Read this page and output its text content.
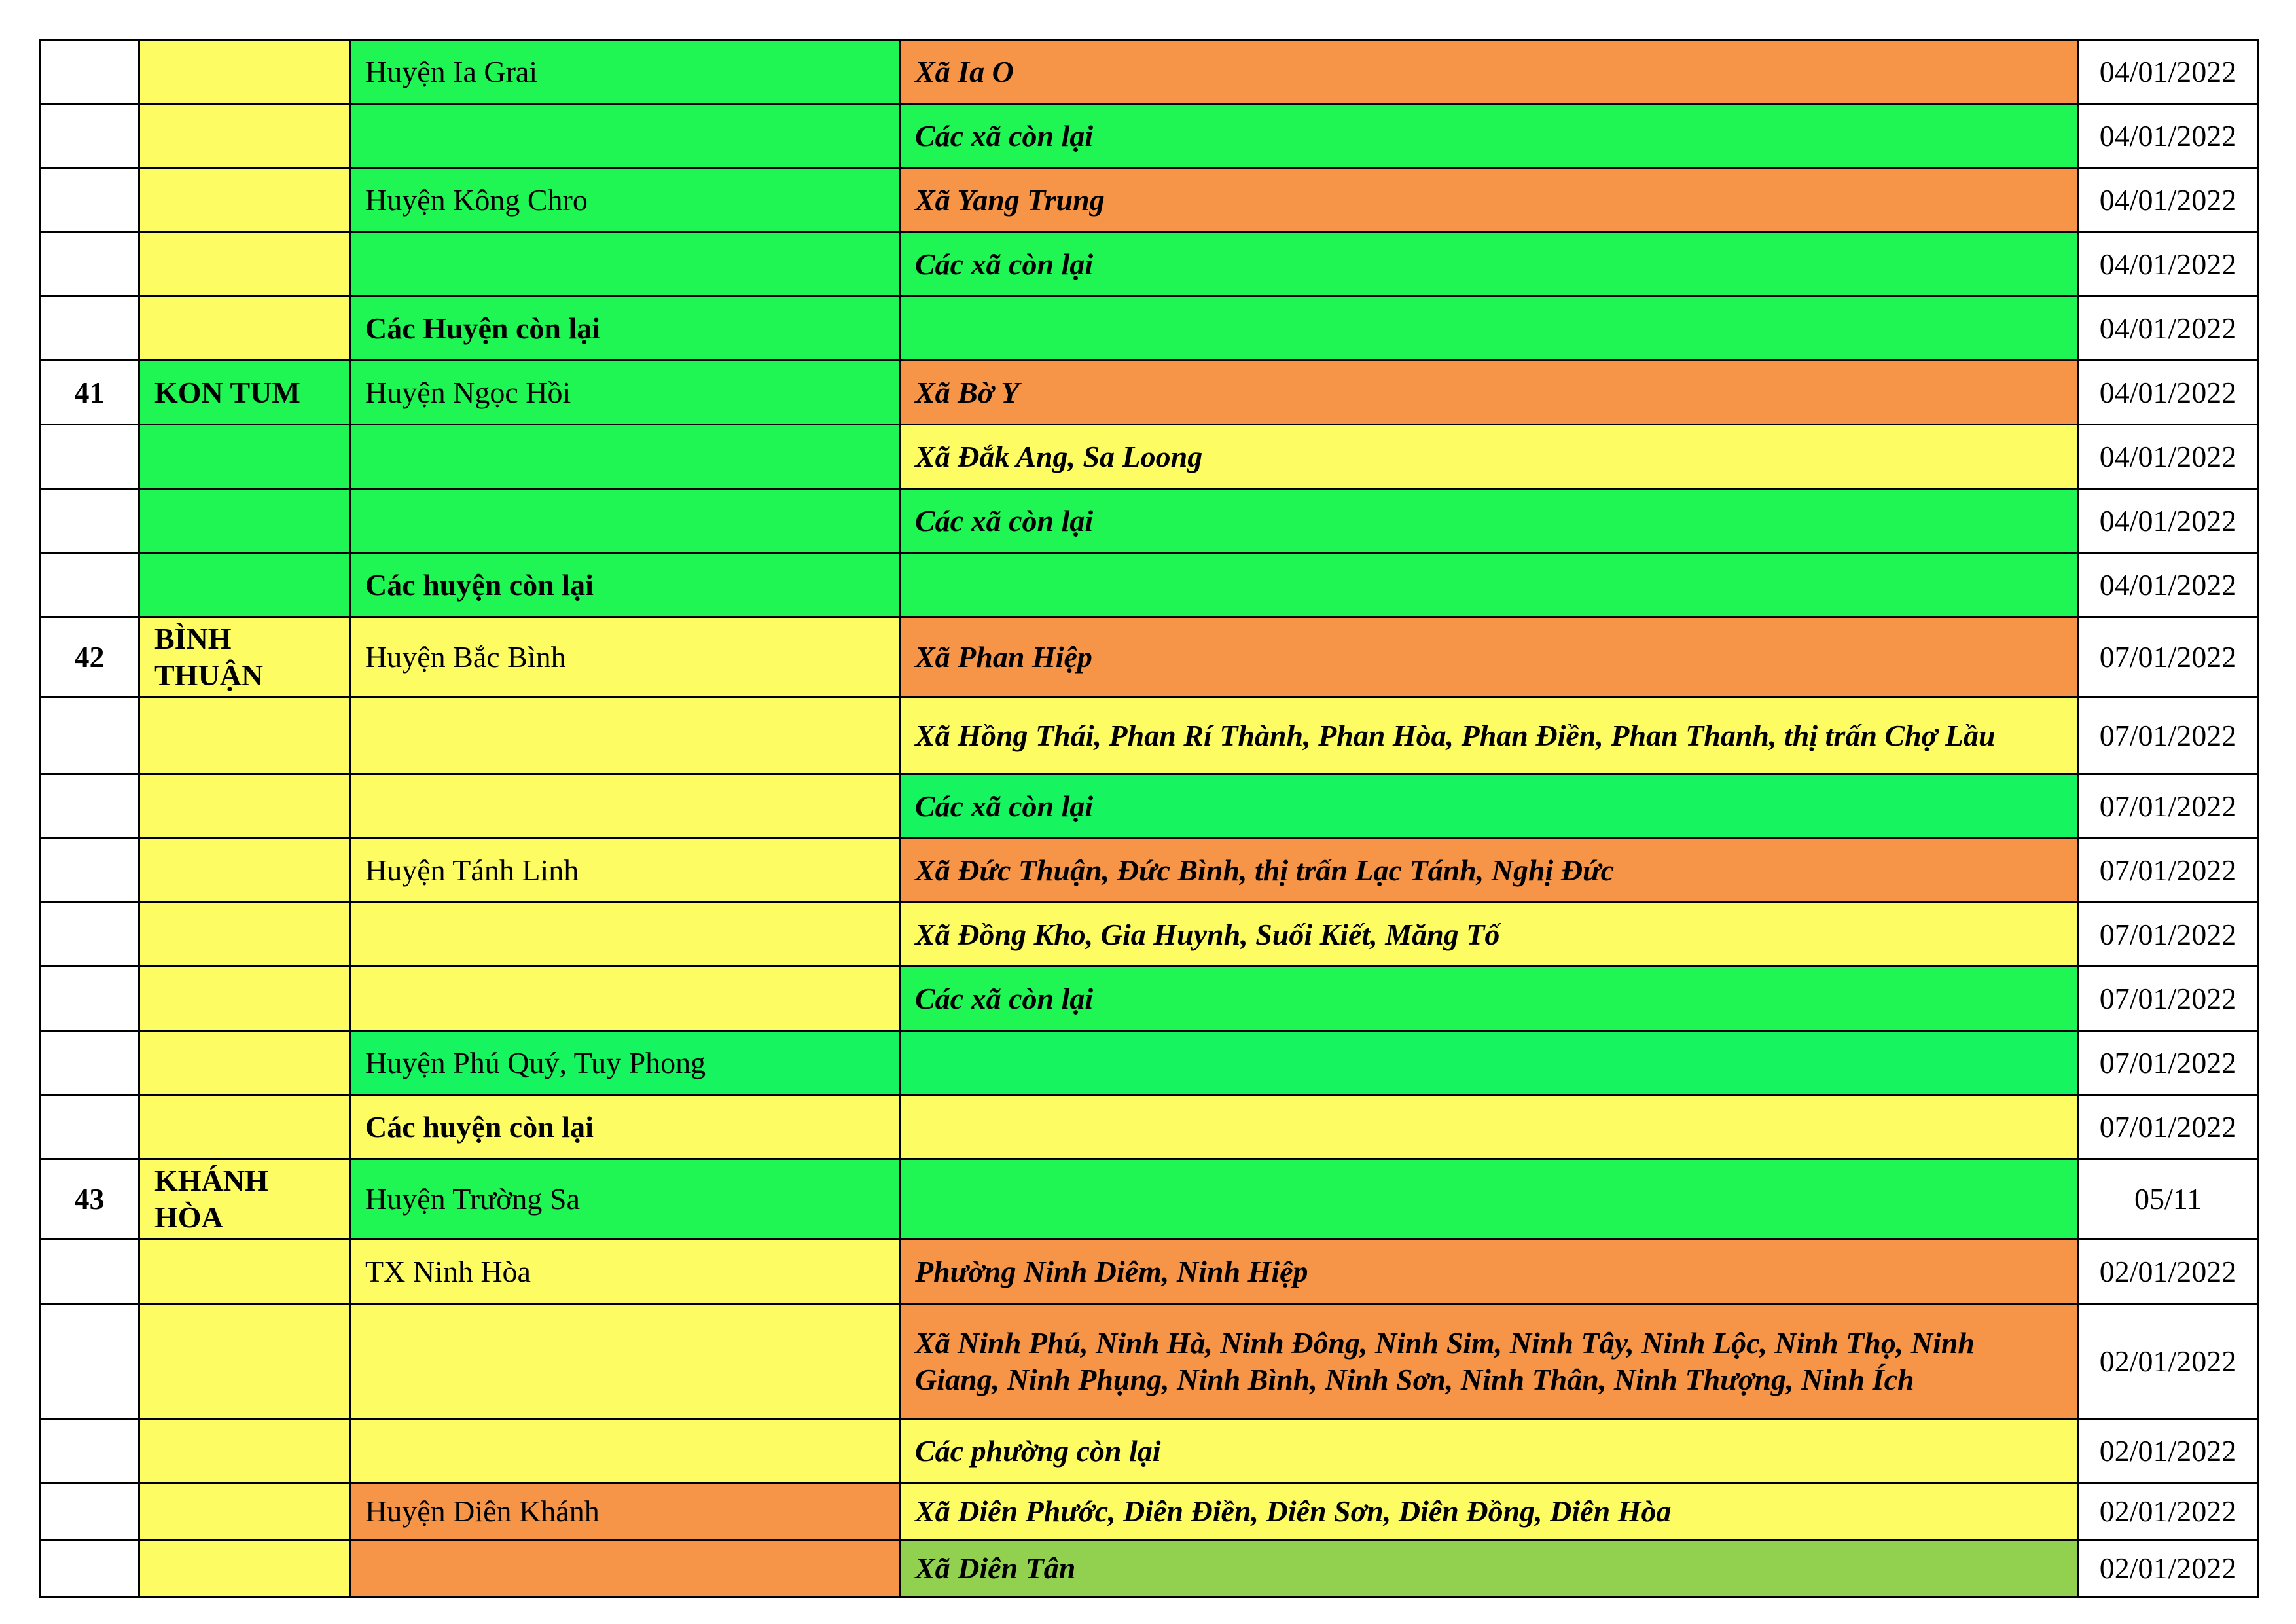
		Huyện Ia Grai	Xã Ia O	04/01/2022
			Các xã còn lại	04/01/2022
		Huyện Kông Chro	Xã Yang Trung	04/01/2022
			Các xã còn lại	04/01/2022
		Các Huyện còn lại		04/01/2022
41	KON TUM	Huyện Ngọc Hồi	Xã Bờ Y	04/01/2022
			Xã Đắk Ang, Sa Loong	04/01/2022
			Các xã còn lại	04/01/2022
		Các huyện còn lại		04/01/2022
42	BÌNH THUẬN	Huyện Bắc Bình	Xã Phan Hiệp	07/01/2022
			Xã Hồng Thái, Phan Rí Thành, Phan Hòa, Phan Điền, Phan Thanh, thị trấn Chợ Lầu	07/01/2022
			Các xã còn lại	07/01/2022
		Huyện Tánh Linh	Xã Đức Thuận, Đức Bình, thị trấn Lạc Tánh, Nghị Đức	07/01/2022
			Xã Đồng Kho, Gia Huynh, Suối Kiết, Măng Tố	07/01/2022
			Các xã còn lại	07/01/2022
		Huyện Phú Quý, Tuy Phong		07/01/2022
		Các huyện còn lại		07/01/2022
43	KHÁNH HÒA	Huyện Trường Sa		05/11
		TX Ninh Hòa	Phường Ninh Diêm, Ninh Hiệp	02/01/2022
			Xã Ninh Phú, Ninh Hà, Ninh Đông, Ninh Sim, Ninh Tây, Ninh Lộc, Ninh Thọ, Ninh Giang, Ninh Phụng, Ninh Bình, Ninh Sơn, Ninh Thân, Ninh Thượng, Ninh Ích	02/01/2022
			Các phường còn lại	02/01/2022
		Huyện Diên Khánh	Xã Diên Phước, Diên Điền, Diên Sơn, Diên Đồng, Diên Hòa	02/01/2022
			Xã Diên Tân	02/01/2022
